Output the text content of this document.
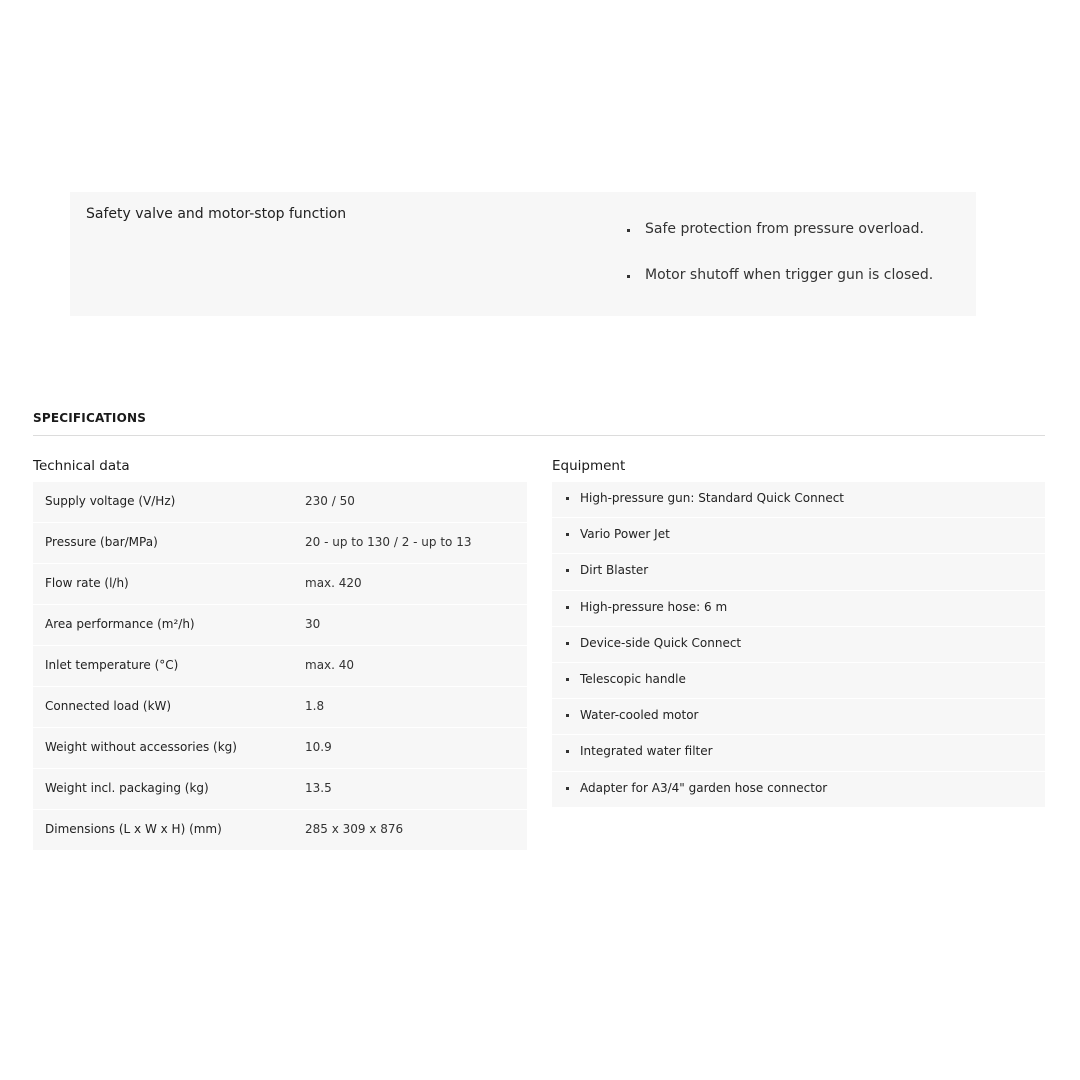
Safety valve and motor-stop function
Safe protection from pressure overload.
Motor shutoff when trigger gun is closed.
SPECIFICATIONS
Technical data	Equipment
Supply voltage (V/Hz)	230 / 50
Pressure (bar/MPa)	20 - up to 130 / 2 - up to 13
Flow rate (l/h)	max. 420
Area performance (m²/h)	30
Inlet temperature (°C)	max. 40
Connected load (kW)	1.8
Weight without accessories (kg)	10.9
Weight incl. packaging (kg)	13.5
Dimensions (L x W x H) (mm)	285 x 309 x 876
High-pressure gun: Standard Quick Connect
Vario Power Jet
Dirt Blaster
High-pressure hose: 6 m
Device-side Quick Connect
Telescopic handle
Water-cooled motor
Integrated water filter
Adapter for A3/4" garden hose connector
